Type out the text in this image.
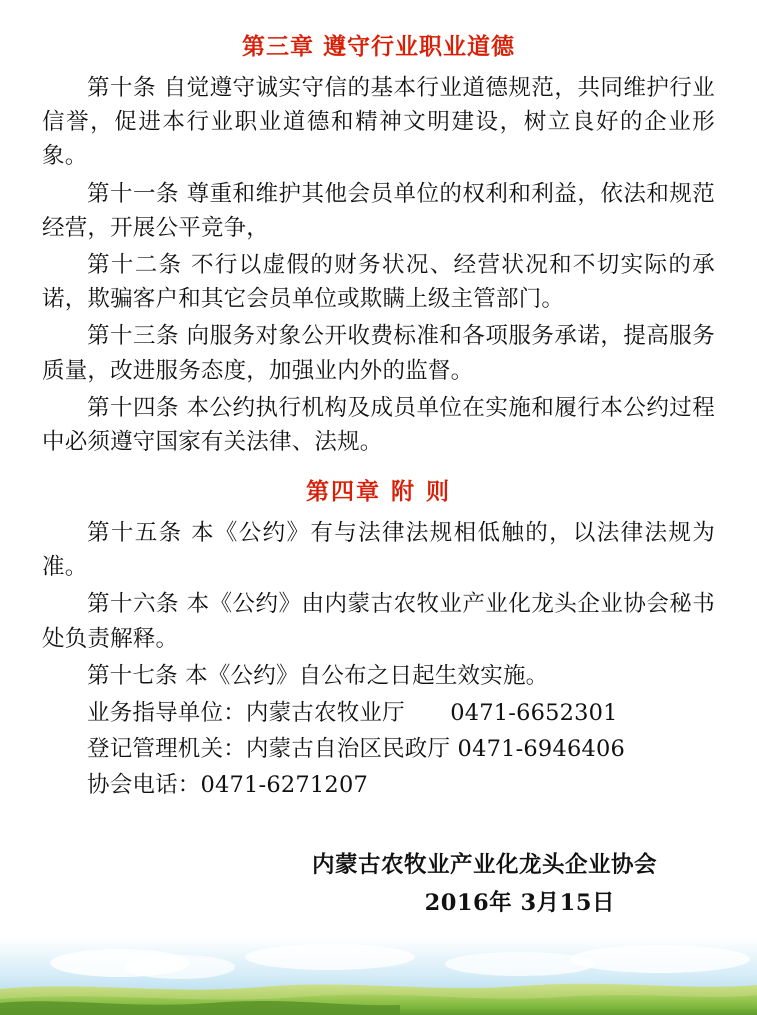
第三章 遵守行业职业道德

第十条 自觉遵守诚实守信的基本行业道德规范，共同维护行业信誉，促进本行业职业道德和精神文明建设，树立良好的企业形象。

第十一条 尊重和维护其他会员单位的权利和利益，依法和规范经营，开展公平竞争，

第十二条 不行以虚假的财务状况、经营状况和不切实际的承诺，欺骗客户和其它会员单位或欺瞒上级主管部门。

第十三条 向服务对象公开收费标准和各项服务承诺，提高服务质量，改进服务态度，加强业内外的监督。

第十四条 本公约执行机构及成员单位在实施和履行本公约过程中必须遵守国家有关法律、法规。

第四章 附 则

第十五条 本《公约》有与法律法规相低触的，以法律法规为准。

第十六条 本《公约》由内蒙古农牧业产业化龙头企业协会秘书处负责解释。

第十七条 本《公约》自公布之日起生效实施。

业务指导单位：内蒙古农牧业厅　　0471-6652301

登记管理机关：内蒙古自治区民政厅 0471-6946406

协会电话：0471-6271207

内蒙古农牧业产业化龙头企业协会
2016年 3月15日
